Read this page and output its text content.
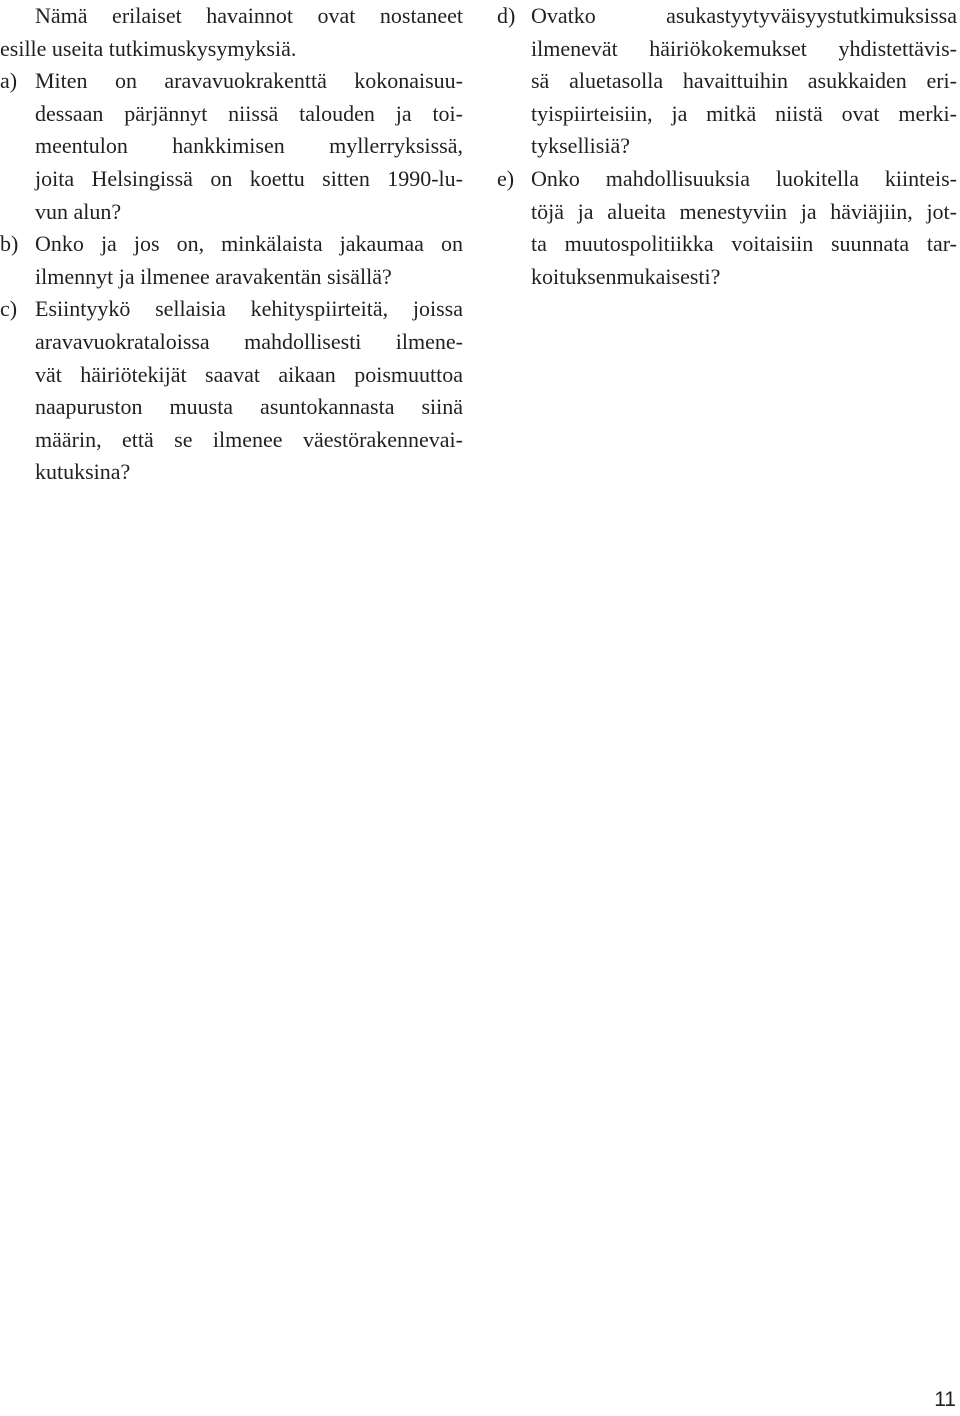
Nämä erilaiset havainnot ovat nostaneet
esille useita tutkimuskysymyksiä.
a) Miten on aravavuokrakenttä kokonaisuu-
dessaan pärjännyt niissä talouden ja toi-
meentulon hankkimisen myllerryksissä,
joita Helsingissä on koettu sitten 1990-lu-
vun alun?
b) Onko ja jos on, minkälaista jakaumaa on
ilmennyt ja ilmenee aravakentän sisällä?
c) Esiintyykö sellaisia kehityspiirteitä, joissa
aravavuokrataloissa mahdollisesti ilmene-
vät häiriötekijät saavat aikaan poismuuttoa
naapuruston muusta asuntokannasta siinä
määrin, että se ilmenee väestörakennevai-
kutuksina?
d) Ovatko asukastyytyväisyystutkimuksissa
ilmenevät häiriökokemukset yhdistettävis-
sä aluetasolla havaittuihin asukkaiden eri-
tyispiirteisiin, ja mitkä niistä ovat merki-
tyksellisiä?
e) Onko mahdollisuuksia luokitella kiinteis-
töjä ja alueita menestyviin ja häviäjiin, jot-
ta muutospolitiikka voitaisiin suunnata tar-
koituksenmukaisesti?
11
